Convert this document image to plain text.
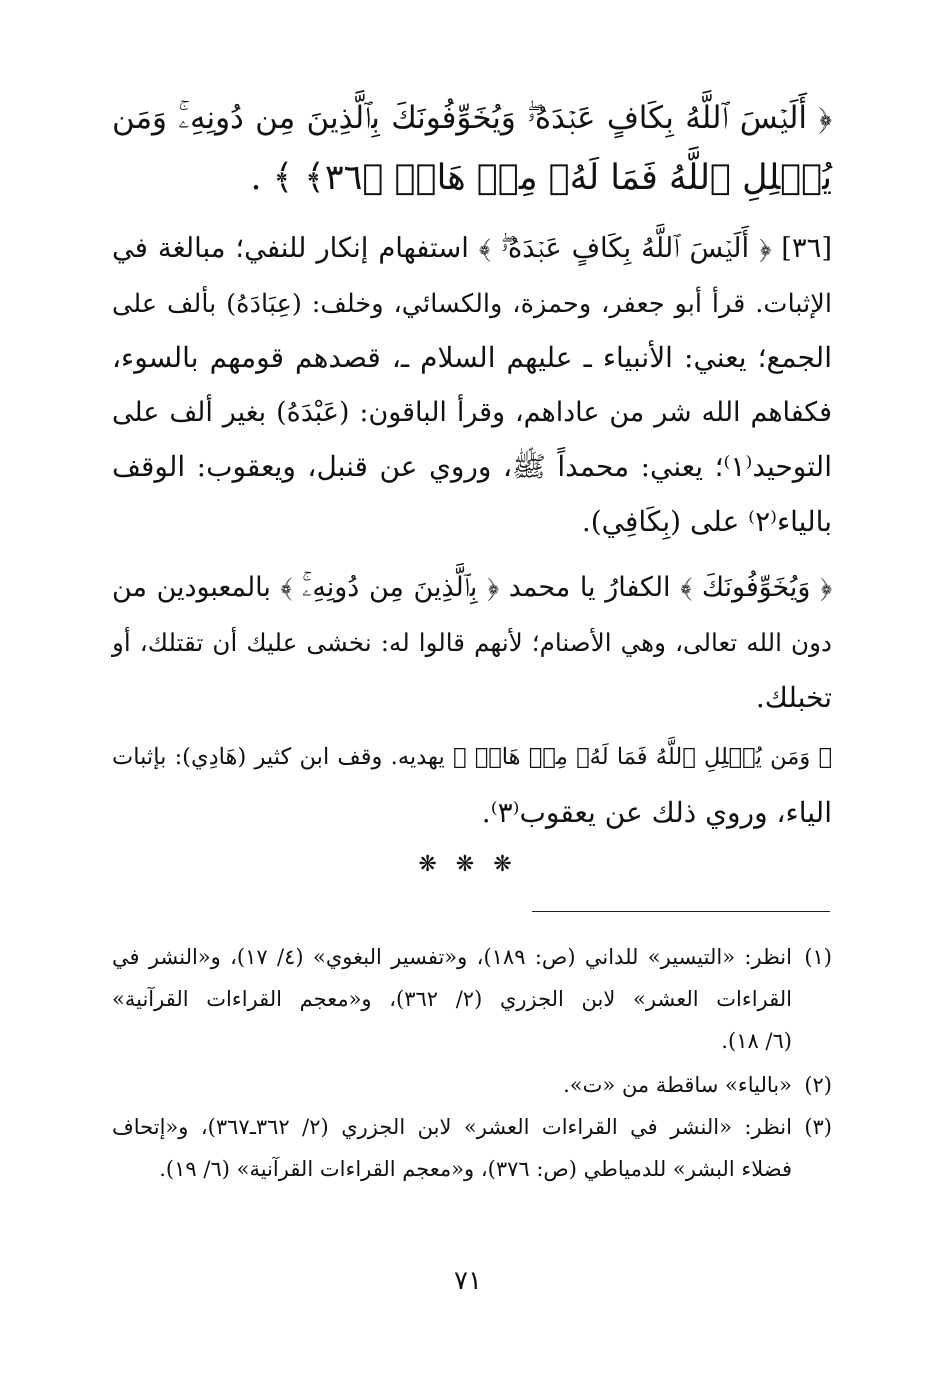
﴿ أَلَيۡسَ ٱللَّهُ بِكَافٍ عَبۡدَهُۥۖ وَيُخَوِّفُونَكَ بِٱلَّذِينَ مِن دُونِهِۦۚ وَمَن
يُضۡلِلِ ٱللَّهُ فَمَا لَهُۥ مِنۡ هَادٖ ﴿٣٦﴾ ﴾ .
[٣٦] ﴿ أَلَيۡسَ ٱللَّهُ بِكَافٍ عَبۡدَهُۥۖ ﴾ استفهام إنكار للنفي؛ مبالغة في
الإثبات. قرأ أبو جعفر، وحمزة، والكسائي، وخلف: (عِبَادَهُ) بألف على
الجمع؛ يعني: الأنبياء ـ عليهم السلام ـ، قصدهم قومهم بالسوء،
فكفاهم الله شر من عاداهم، وقرأ الباقون: (عَبْدَهُ) بغير ألف على
التوحيد⁽١⁾؛ يعني: محمداً ﷺ، وروي عن قنبل، ويعقوب: الوقف
بالياء⁽٢⁾ على (بِكَافِي).
﴿ وَيُخَوِّفُونَكَ ﴾ الكفارُ يا محمد ﴿ بِٱلَّذِينَ مِن دُونِهِۦۚ ﴾ بالمعبودين من
دون الله تعالى، وهي الأصنام؛ لأنهم قالوا له: نخشى عليك أن تقتلك، أو
تخبلك.
﴿ وَمَن يُضۡلِلِ ٱللَّهُ فَمَا لَهُۥ مِنۡ هَادٖ ﴾ يهديه. وقف ابن كثير (هَادِي): بإثبات
الياء، وروي ذلك عن يعقوب⁽٣⁾.
❋ ❋ ❋
(١)
انظر: «التيسير» للداني (ص: ١٨٩)، و«تفسير البغوي» (٤/ ١٧)، و«النشر في
القراءات العشر» لابن الجزري (٢/ ٣٦٢)، و«معجم القراءات القرآنية»
(٦/ ١٨).
(٢)
«بالياء» ساقطة من «ت».
(٣)
انظر: «النشر في القراءات العشر» لابن الجزري (٢/ ٣٦٢ـ٣٦٧)، و«إتحاف
فضلاء البشر» للدمياطي (ص: ٣٧٦)، و«معجم القراءات القرآنية» (٦/ ١٩).
٧١
